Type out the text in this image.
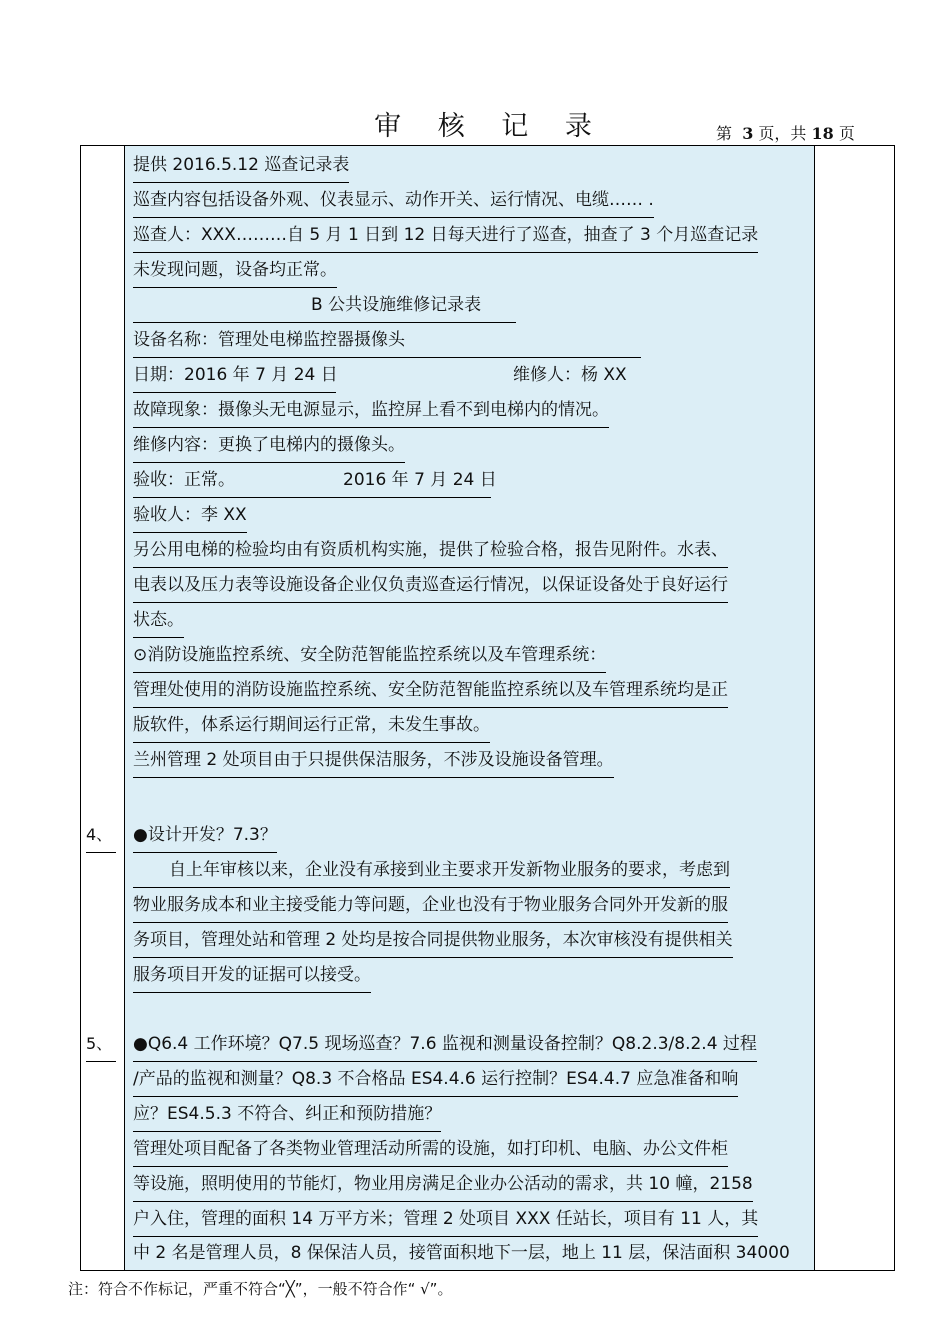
审 核 记 录	第 3 页，共 18 页
4、
5、
提供 2016.5.12 巡查记录表
巡查内容包括设备外观、仪表显示、动作开关、运行情况、电缆…… .
巡查人：XXX………自 5 月 1 日到 12 日每天进行了巡查，抽查了 3 个月巡查记录
未发现问题，设备均正常。
B 公共设施维修记录表
设备名称：管理处电梯监控器摄像头
日期：2016 年 7 月 24 日	维修人：杨 XX
故障现象：摄像头无电源显示，监控屏上看不到电梯内的情况。
维修内容：更换了电梯内的摄像头。
验收：正常。	2016 年 7 月 24 日
验收人：李 XX
另公用电梯的检验均由有资质机构实施，提供了检验合格，报告见附件。水表、
电表以及压力表等设施设备企业仅负责巡查运行情况，以保证设备处于良好运行
状态。
⊙消防设施监控系统、安全防范智能监控系统以及车管理系统：
管理处使用的消防设施监控系统、安全防范智能监控系统以及车管理系统均是正
版软件，体系运行期间运行正常，未发生事故。
兰州管理 2 处项目由于只提供保洁服务，不涉及设施设备管理。
●设计开发？7.3？
自上年审核以来，企业没有承接到业主要求开发新物业服务的要求，考虑到
物业服务成本和业主接受能力等问题，企业也没有于物业服务合同外开发新的服
务项目，管理处站和管理 2 处均是按合同提供物业服务，本次审核没有提供相关
服务项目开发的证据可以接受。
●Q6.4 工作环境？Q7.5 现场巡查？7.6 监视和测量设备控制？Q8.2.3/8.2.4 过程
/产品的监视和测量？Q8.3 不合格品 ES4.4.6 运行控制？ES4.4.7 应急准备和响
应？ES4.5.3 不符合、纠正和预防措施？
管理处项目配备了各类物业管理活动所需的设施，如打印机、电脑、办公文件柜
等设施，照明使用的节能灯，物业用房满足企业办公活动的需求，共 10 幢，2158
户入住，管理的面积 14 万平方米；管理 2 处项目 XXX 任站长，项目有 11 人，其
中 2 名是管理人员，8 保保洁人员，接管面积地下一层，地上 11 层，保洁面积 34000
注：符合不作标记，严重不符合“╳”，一般不符合作“ √”。
